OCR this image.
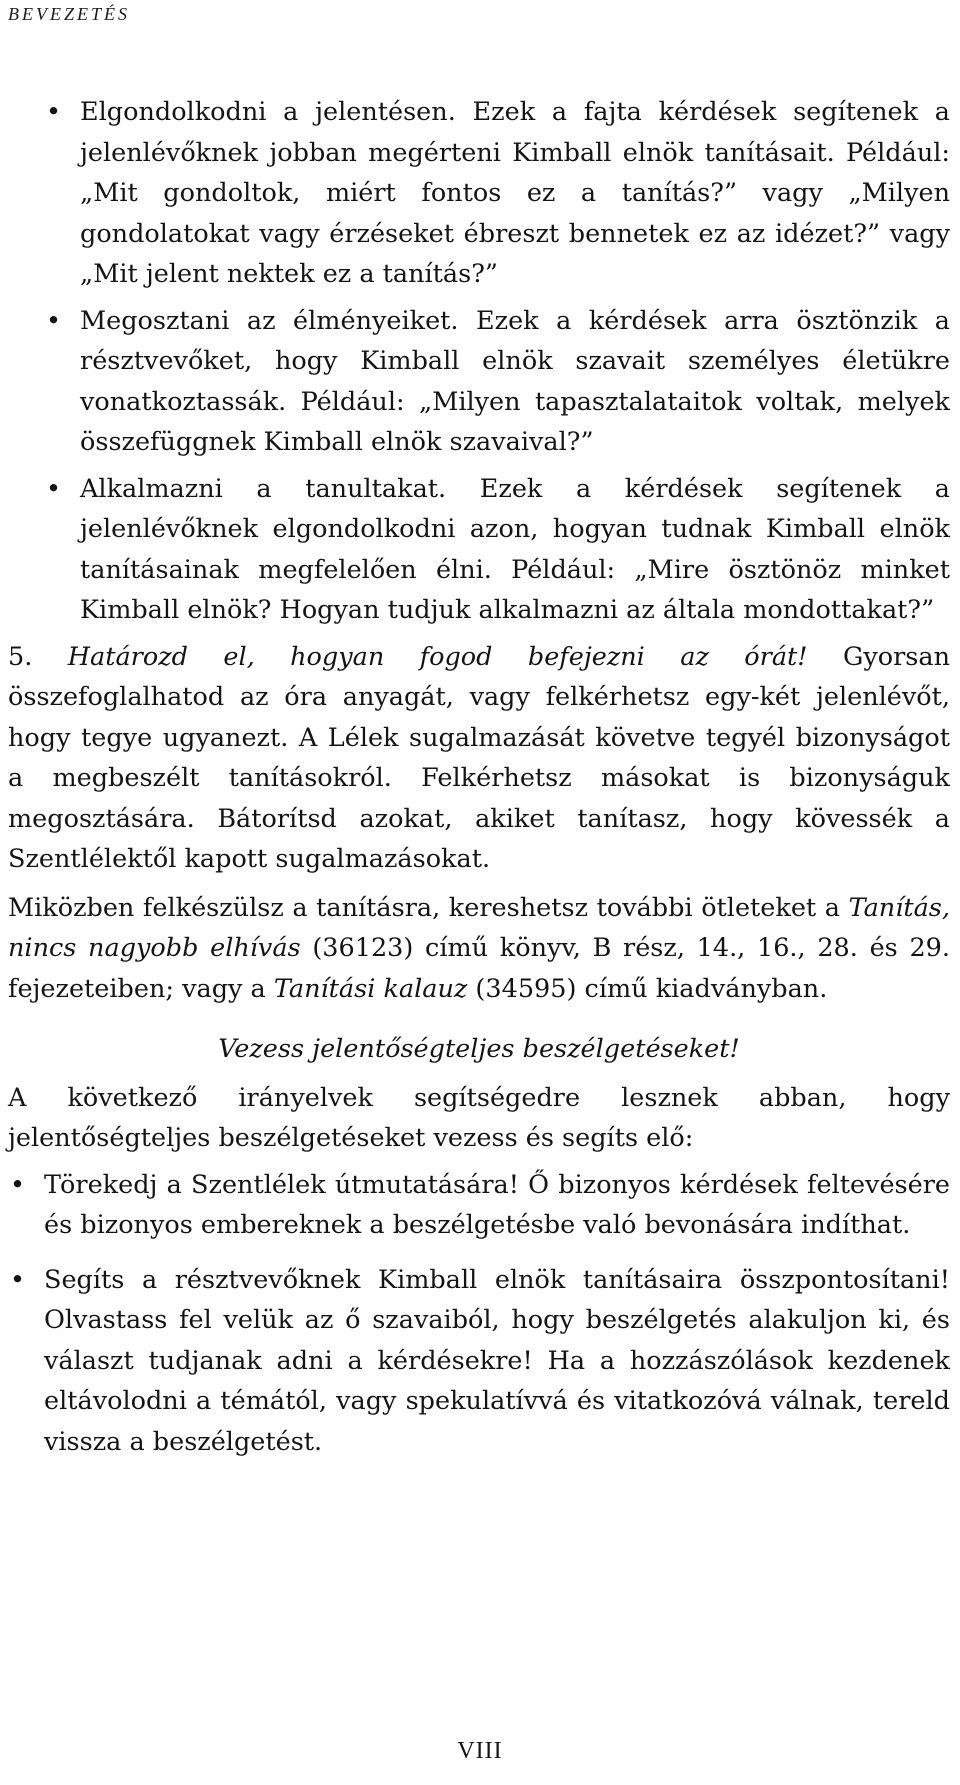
BEVEZETÉS
• Elgondolkodni a jelentésen. Ezek a fajta kérdések segítenek a jelenlévőknek jobban megérteni Kimball elnök tanításait. Például: „Mit gondoltok, miért fontos ez a tanítás?” vagy „Milyen gondolatokat vagy érzéseket ébreszt bennetek ez az idézet?” vagy „Mit jelent nektek ez a tanítás?”
• Megosztani az élményeiket. Ezek a kérdések arra ösztönzik a résztvevőket, hogy Kimball elnök szavait személyes életükre vonatkoztassák. Például: „Milyen tapasztalataitok voltak, melyek összefüggnek Kimball elnök szavaival?”
• Alkalmazni a tanultakat. Ezek a kérdések segítenek a jelenlévőknek elgondolkodni azon, hogyan tudnak Kimball elnök tanításainak megfelelően élni. Például: „Mire ösztönöz minket Kimball elnök? Hogyan tudjuk alkalmazni az általa mondottakat?”

5. Határozd el, hogyan fogod befejezni az órát! Gyorsan összefoglalhatod az óra anyagát, vagy felkérhetsz egy-két jelenlévőt, hogy tegye ugyanezt. A Lélek sugalmazását követve tegyél bizonyságot a megbeszélt tanításokról. Felkérhetsz másokat is bizonyságuk megosztására. Bátorítsd azokat, akiket tanítasz, hogy kövessék a Szentlélektől kapott sugalmazásokat.

Miközben felkészülsz a tanításra, kereshetsz további ötleteket a Tanítás, nincs nagyobb elhívás (36123) című könyv, B rész, 14., 16., 28. és 29. fejezeteiben; vagy a Tanítási kalauz (34595) című kiadványban.

Vezess jelentőségteljes beszélgetéseket!

A következő irányelvek segítségedre lesznek abban, hogy jelentőségteljes beszélgetéseket vezess és segíts elő:

• Törekedj a Szentlélek útmutatására! Ő bizonyos kérdések feltevésére és bizonyos embereknek a beszélgetésbe való bevonására indíthat.
• Segíts a résztvevőknek Kimball elnök tanításaira összpontosítani! Olvastass fel velük az ő szavaiból, hogy beszélgetés alakuljon ki, és választ tudjanak adni a kérdésekre! Ha a hozzászólások kezdenek eltávolodni a témától, vagy spekulatívvá és vitatkozóvá válnak, tereld vissza a beszélgetést.
VIII
